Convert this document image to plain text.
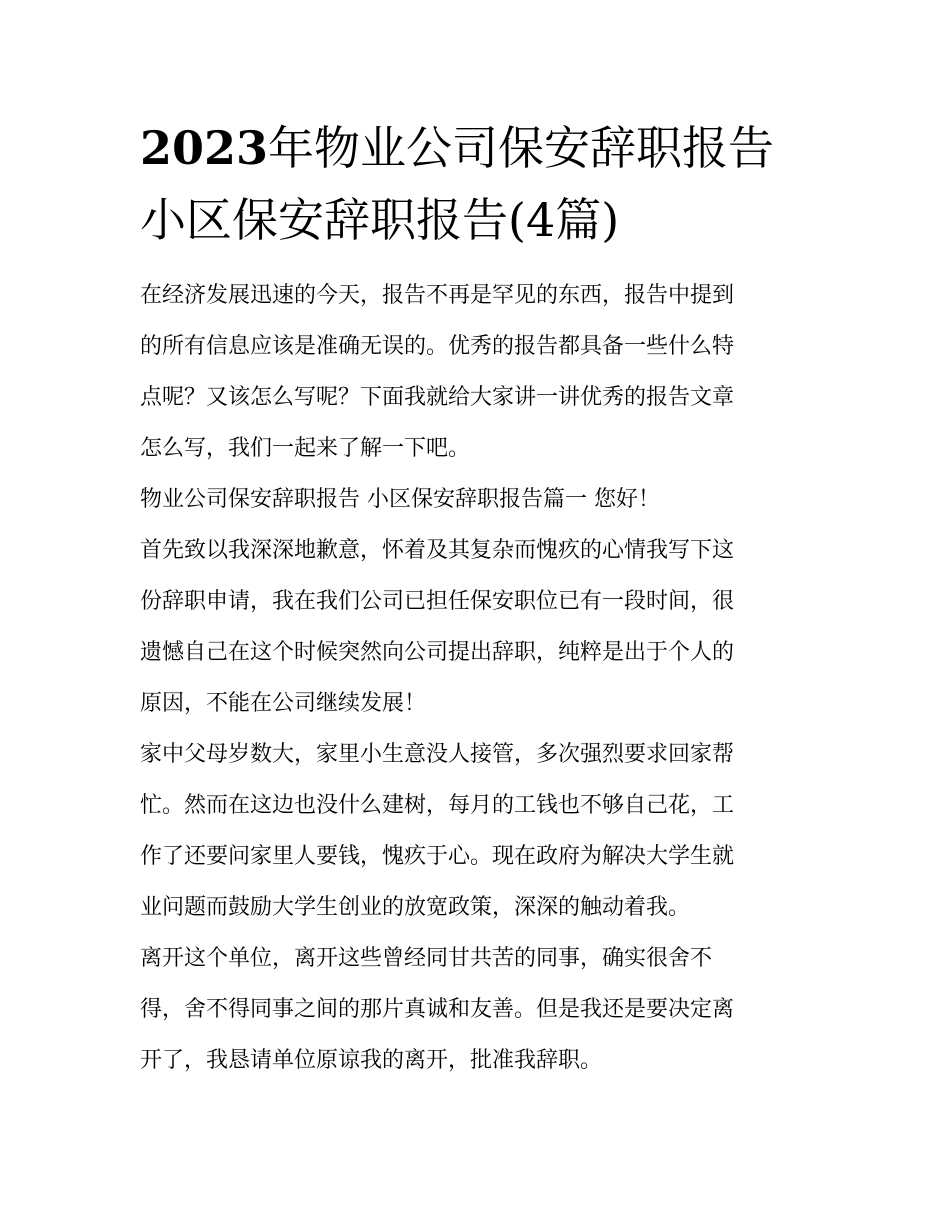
2023年物业公司保安辞职报告
小区保安辞职报告(4篇)

在经济发展迅速的今天，报告不再是罕见的东西，报告中提到
的所有信息应该是准确无误的。优秀的报告都具备一些什么特
点呢？又该怎么写呢？下面我就给大家讲一讲优秀的报告文章
怎么写，我们一起来了解一下吧。

物业公司保安辞职报告 小区保安辞职报告篇一 您好！

首先致以我深深地歉意，怀着及其复杂而愧疚的心情我写下这
份辞职申请，我在我们公司已担任保安职位已有一段时间，很
遗憾自己在这个时候突然向公司提出辞职，纯粹是出于个人的
原因，不能在公司继续发展！

家中父母岁数大，家里小生意没人接管，多次强烈要求回家帮
忙。然而在这边也没什么建树，每月的工钱也不够自己花，工
作了还要问家里人要钱，愧疚于心。现在政府为解决大学生就
业问题而鼓励大学生创业的放宽政策，深深的触动着我。

离开这个单位，离开这些曾经同甘共苦的同事，确实很舍不
得，舍不得同事之间的那片真诚和友善。但是我还是要决定离
开了，我恳请单位原谅我的离开，批准我辞职。
